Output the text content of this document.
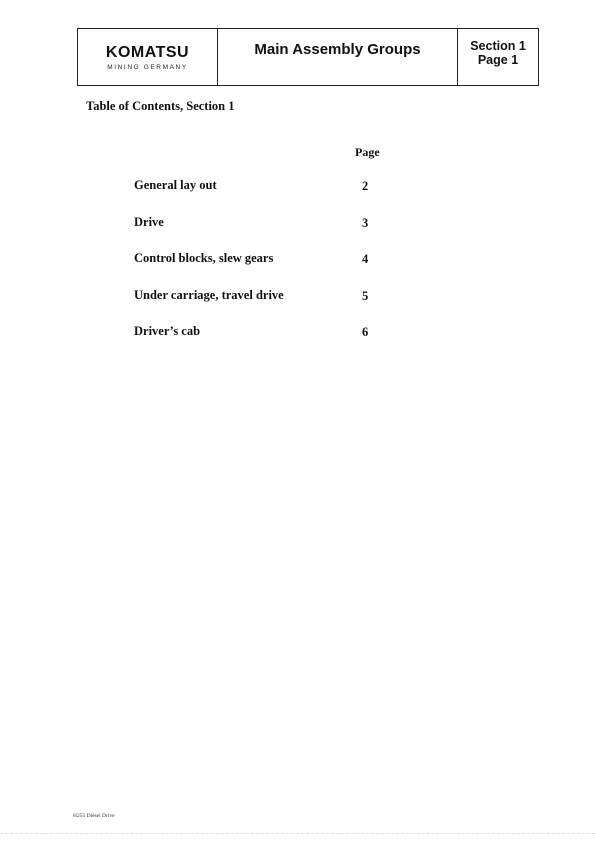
KOMATSU
MINING GERMANY
Main Assembly Groups	Section 1
Page 1
Table of Contents, Section 1
Page
General lay out	2
Drive	3
Control blocks, slew gears	4
Under carriage, travel drive	5
Driver’s cab	6
H255 Diesel Drive
